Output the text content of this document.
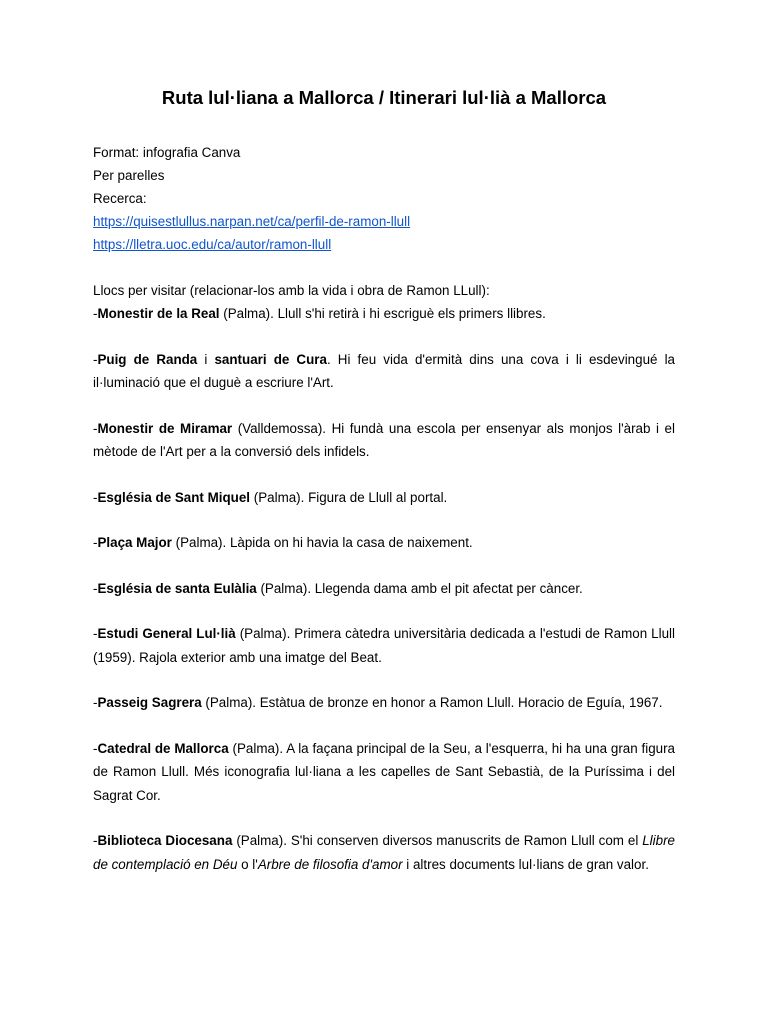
Ruta lul·liana a Mallorca / Itinerari lul·lià a Mallorca
Format: infografia Canva
Per parelles
Recerca:
https://quisestlullus.narpan.net/ca/perfil-de-ramon-llull
https://lletra.uoc.edu/ca/autor/ramon-llull
Llocs per visitar (relacionar-los amb la vida i obra de Ramon LLull):

-Monestir de la Real (Palma). Llull s'hi retirà i hi escriguè els primers llibres.

-Puig de Randa i santuari de Cura. Hi feu vida d'ermità dins una cova i li esdevingué la il·luminació que el duguè a escriure l'Art.

-Monestir de Miramar (Valldemossa). Hi fundà una escola per ensenyar als monjos l'àrab i el mètode de l'Art per a la conversió dels infidels.

-Església de Sant Miquel (Palma). Figura de Llull al portal.

-Plaça Major (Palma). Làpida on hi havia la casa de naixement.

-Església de santa Eulàlia (Palma). Llegenda dama amb el pit afectat per càncer.

-Estudi General Lul·lià (Palma). Primera càtedra universitària dedicada a l'estudi de Ramon Llull (1959). Rajola exterior amb una imatge del Beat.

-Passeig Sagrera (Palma). Estàtua de bronze en honor a Ramon Llull. Horacio de Eguía, 1967.

-Catedral de Mallorca (Palma). A la façana principal de la Seu, a l'esquerra, hi ha una gran figura de Ramon Llull. Més iconografia lul·liana a les capelles de Sant Sebastià, de la Puríssima i del Sagrat Cor.

-Biblioteca Diocesana (Palma). S'hi conserven diversos manuscrits de Ramon Llull com el Llibre de contemplació en Déu o l'Arbre de filosofia d'amor i altres documents lul·lians de gran valor.
